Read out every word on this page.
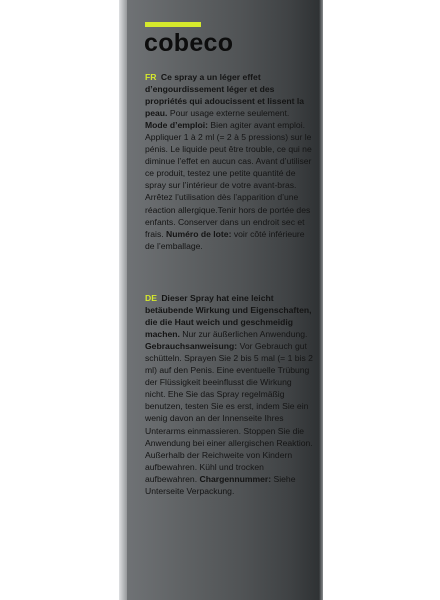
cobeco

FR Ce spray a un léger effet d’engourdissement léger et des propriétés qui adoucissent et lissent la peau. Pour usage externe seulement. Mode d’emploi: Bien agiter avant emploi. Appliquer 1 à 2 ml (= 2 à 5 pressions) sur le pénis. Le liquide peut être trouble, ce qui ne diminue l’effet en aucun cas. Avant d’utiliser ce produit, testez une petite quantité de spray sur l’intérieur de votre avant-bras. Arrêtez l’utilisation dès l’apparition d’une réaction allergique.Tenir hors de portée des enfants. Conserver dans un endroit sec et frais. Numéro de lote: voir côté inférieure de l’emballage.

DE Dieser Spray hat eine leicht betäubende Wirkung und Eigenschaften, die die Haut weich und geschmeidig machen. Nur zur äußerlichen Anwendung. Gebrauchsanweisung: Vor Gebrauch gut schütteln. Sprayen Sie 2 bis 5 mal (= 1 bis 2 ml) auf den Penis. Eine eventuelle Trübung der Flüssigkeit beeinflusst die Wirkung nicht. Ehe Sie das Spray regelmäßig benutzen, testen Sie es erst, indem Sie ein wenig davon an der Innenseite Ihres Unterarms einmassieren. Stoppen Sie die Anwendung bei einer allergischen Reaktion. Außerhalb der Reichweite von Kindern aufbewahren. Kühl und trocken aufbewahren. Chargennummer: Siehe Unterseite Verpackung.
